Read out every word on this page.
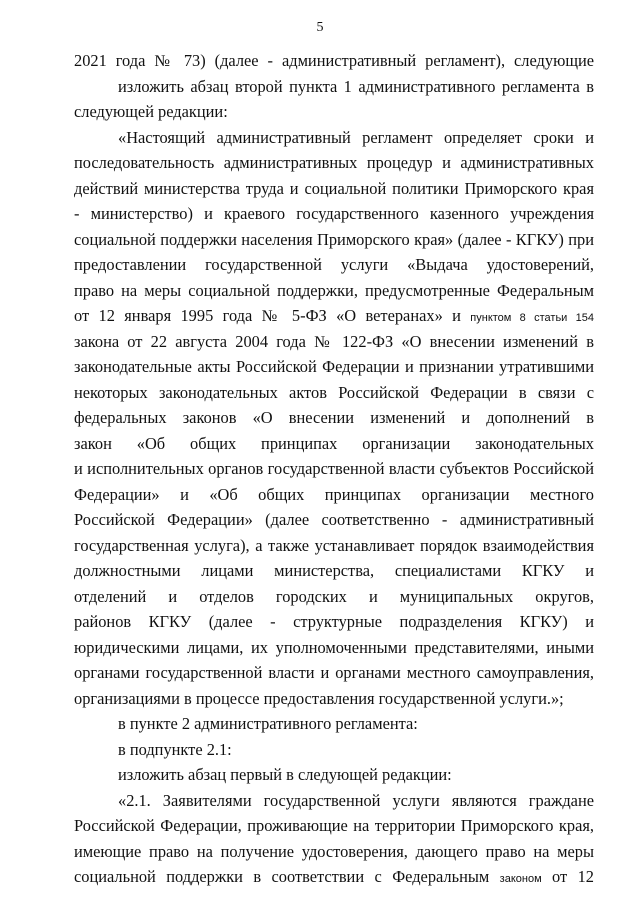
5
2021 года № 73) (далее - административный регламент), следующие
изложить абзац второй пункта 1 административного регламента в
следующей редакции:
«Настоящий административный регламент определяет сроки и
последовательность административных процедур и административных
действий министерства труда и социальной политики Приморского края
- министерство) и краевого государственного казенного учреждения
социальной поддержки населения Приморского края» (далее - КГКУ) при
предоставлении государственной услуги «Выдача удостоверений,
право на меры социальной поддержки, предусмотренные Федеральным
от 12 января 1995 года № 5-ФЗ «О ветеранах» и пунктом 8 статьи 154
закона от 22 августа 2004 года № 122-ФЗ «О внесении изменений в
законодательные акты Российской Федерации и признании утратившими
некоторых законодательных актов Российской Федерации в связи с
федеральных законов «О внесении изменений и дополнений в
закон «Об общих принципах организации законодательных
и исполнительных органов государственной власти субъектов Российской
Федерации» и «Об общих принципах организации местного
Российской Федерации» (далее соответственно - административный
государственная услуга), а также устанавливает порядок взаимодействия
должностными лицами министерства, специалистами КГКУ и
отделений и отделов городских и муниципальных округов,
районов КГКУ (далее - структурные подразделения КГКУ) и
юридическими лицами, их уполномоченными представителями, иными
органами государственной власти и органами местного самоуправления,
организациями в процессе предоставления государственной услуги.»;
в пункте 2 административного регламента:
в подпункте 2.1:
изложить абзац первый в следующей редакции:
«2.1. Заявителями государственной услуги являются граждане
Российской Федерации, проживающие на территории Приморского края,
имеющие право на получение удостоверения, дающего право на меры
социальной поддержки в соответствии с Федеральным законом от 12
